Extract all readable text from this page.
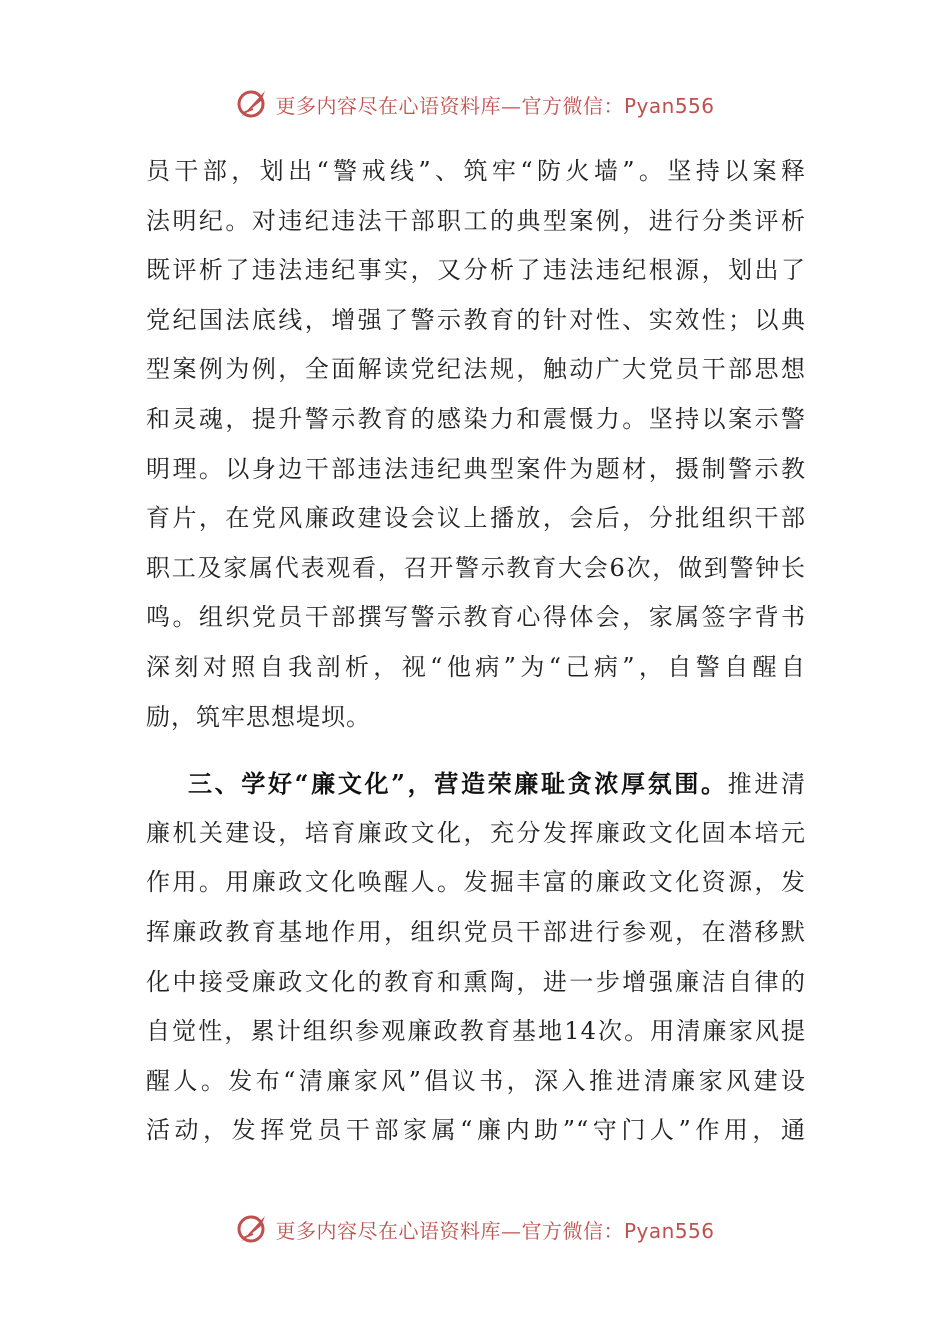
更多内容尽在心语资料库—官方微信：Pyan556
员干部，划出“警戒线”、筑牢“防火墙”。坚持以案释
法明纪。对违纪违法干部职工的典型案例，进行分类评析
既评析了违法违纪事实，又分析了违法违纪根源，划出了
党纪国法底线，增强了警示教育的针对性、实效性；以典
型案例为例，全面解读党纪法规，触动广大党员干部思想
和灵魂，提升警示教育的感染力和震慑力。坚持以案示警
明理。以身边干部违法违纪典型案件为题材，摄制警示教
育片，在党风廉政建设会议上播放，会后，分批组织干部
职工及家属代表观看，召开警示教育大会6次，做到警钟长
鸣。组织党员干部撰写警示教育心得体会，家属签字背书
深刻对照自我剖析，视“他病”为“己病”，自警自醒自
励，筑牢思想堤坝。
三、学好“廉文化”，营造荣廉耻贪浓厚氛围。推进清
廉机关建设，培育廉政文化，充分发挥廉政文化固本培元
作用。用廉政文化唤醒人。发掘丰富的廉政文化资源，发
挥廉政教育基地作用，组织党员干部进行参观，在潜移默
化中接受廉政文化的教育和熏陶，进一步增强廉洁自律的
自觉性，累计组织参观廉政教育基地14次。用清廉家风提
醒人。发布“清廉家风”倡议书，深入推进清廉家风建设
活动，发挥党员干部家属“廉内助”“守门人”作用，通
更多内容尽在心语资料库—官方微信：Pyan556
